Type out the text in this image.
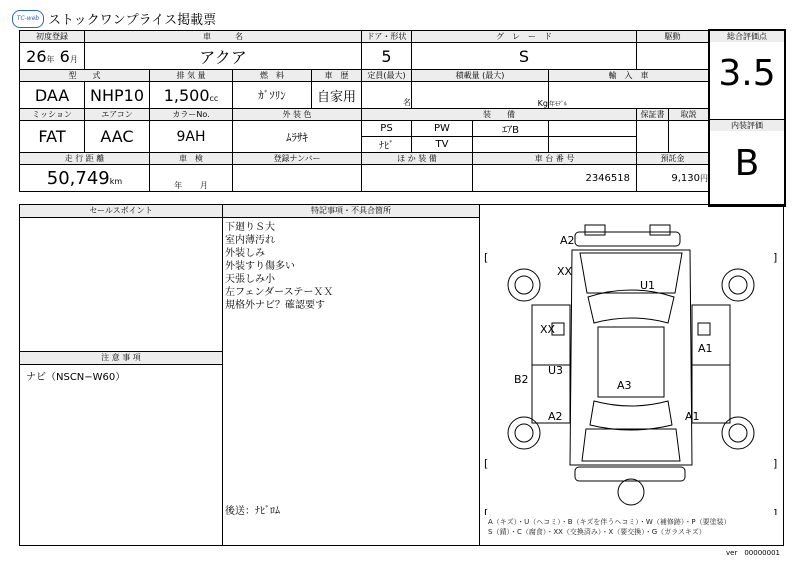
TC-web ストックワンプライス掲載票
初度登録	車　　　名				ドア・形状	グ　レ　ー　ド			駆動	
26年 6月	アクア				5	S				
型　　式		排 気 量	燃　料	車　歴	定員(最大)	積載量 (最大)		輸　入　車		
DAA	NHP10	1,500cc	ｶﾞｿﾘﾝ	自家用	名	Kg		年ﾓﾃﾞﾙ		
ミッション	エアコン	カラーNo.	外 装 色		装　　備				保証書	取説
FAT	AAC	9AH	ﾑﾗｻｷ		PS	PW	ｴｱB			
					ﾅﾋﾞ	TV				
走 行 距 離		車　検	登録ナンバー		ほ か 装 備		車 台 番 号		預託金	
50,749km		年 月					2346518		9,130円	
総合評価点
3.5
内装評価
B
セールスポイント
注 意 事 項
ナビ（NSCN−W60）
特記事項・不具合箇所
下廻りＳ大
室内薄汚れ
外装しみ
外装すり傷多い
天張しみ小
左フェンダーステーＸＸ
規格外ナビ？確認要す
後送：ﾅﾋﾞﾛﾑ
[	]
[	]
[	]
A2
XX
U1
XX
A1
B2
U3
A3
A2	A1
A（キズ）・U（ヘコミ）・B（キズを伴うヘコミ）・W（補修跡）・P（要塗装）
S（錆）・C（腐食）・XX（交換済み）・X（要交換）・G（ガラスキズ）
ver　00000001
